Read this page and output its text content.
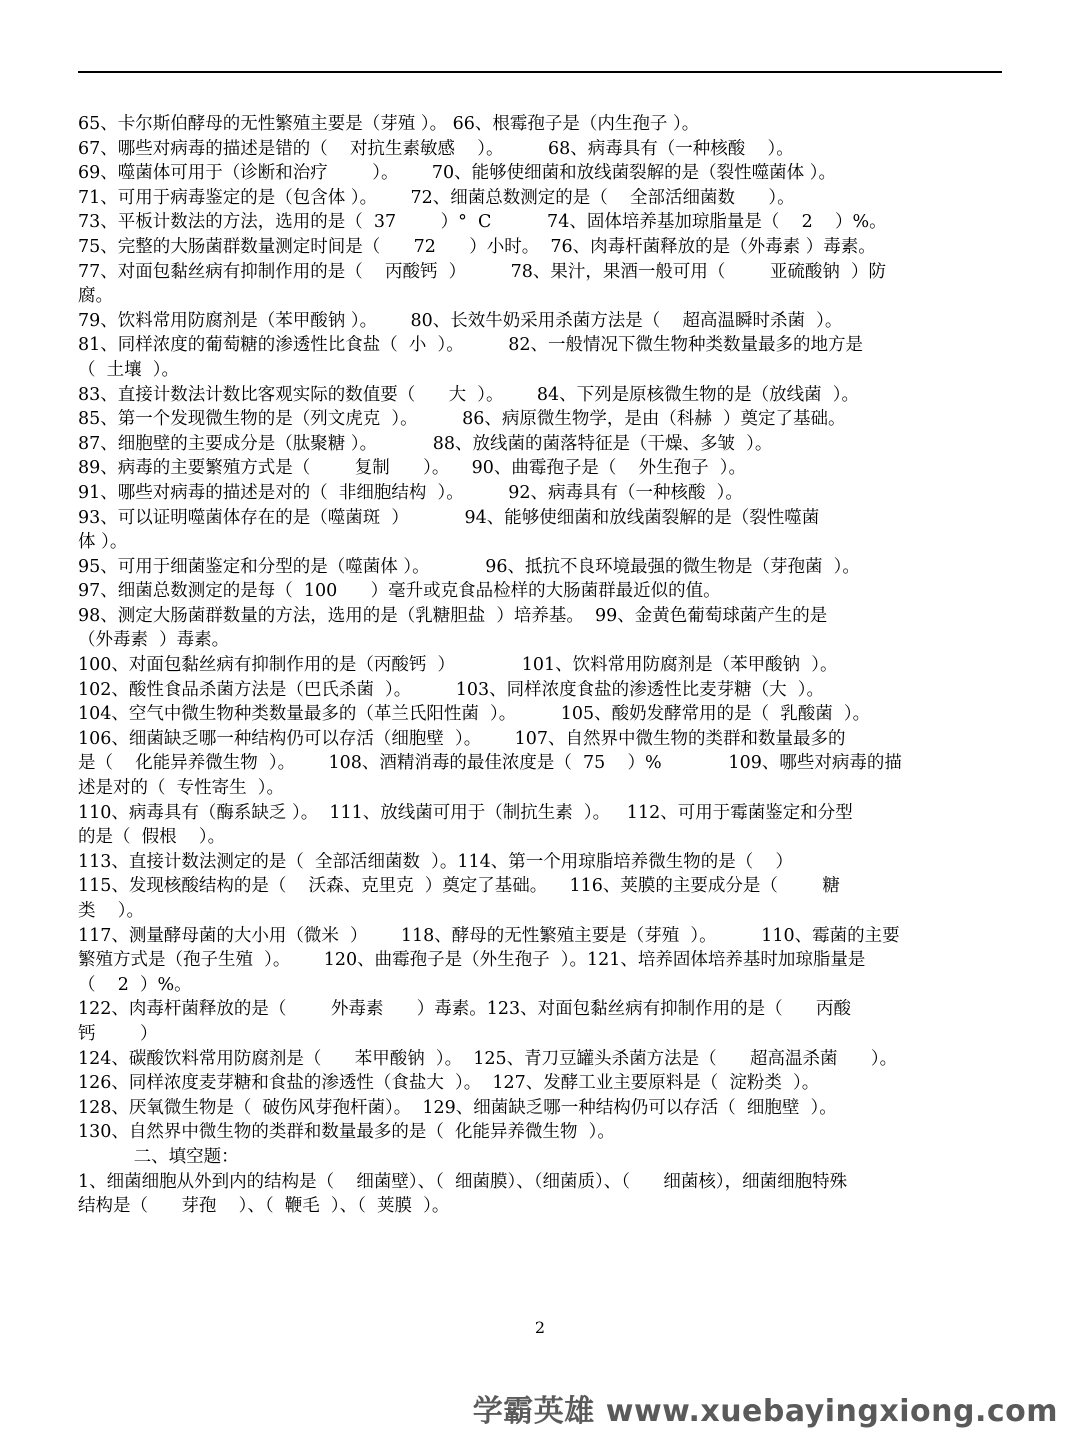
65、卡尔斯伯酵母的无性繁殖主要是（芽殖 ）。 66、根霉孢子是（内生孢子 ）。
67、哪些对病毒的描述是错的（    对抗生素敏感    ）。        68、病毒具有（一种核酸    ）。
69、噬菌体可用于（诊断和治疗        ）。      70、能够使细菌和放线菌裂解的是（裂性噬菌体 ）。
71、可用于病毒鉴定的是（包含体 ）。      72、细菌总数测定的是（    全部活细菌数      ）。
73、平板计数法的方法，选用的是（  37        ）°  C          74、固体培养基加琼脂量是（    2    ）%。
75、完整的大肠菌群数量测定时间是（      72      ）小时。  76、肉毒杆菌释放的是（外毒素 ）毒素。
77、对面包黏丝病有抑制作用的是（    丙酸钙  ）        78、果汁，果酒一般可用（        亚硫酸钠  ）防
腐。
79、饮料常用防腐剂是（苯甲酸钠 ）。      80、长效牛奶采用杀菌方法是（    超高温瞬时杀菌  ）。
81、同样浓度的葡萄糖的渗透性比食盐（  小  ）。        82、一般情况下微生物种类数量最多的地方是
（  土壤  ）。
83、直接计数法计数比客观实际的数值要（      大  ）。      84、下列是原核微生物的是（放线菌  ）。
85、第一个发现微生物的是（列文虎克  ）。        86、病原微生物学，是由（科赫  ）奠定了基础。
87、细胞壁的主要成分是（肽聚糖 ）。          88、放线菌的菌落特征是（干燥、多皱  ）。
89、病毒的主要繁殖方式是（        复制      ）。    90、曲霉孢子是（    外生孢子  ）。
91、哪些对病毒的描述是对的（  非细胞结构  ）。        92、病毒具有（一种核酸  ）。
93、可以证明噬菌体存在的是（噬菌斑  ）          94、能够使细菌和放线菌裂解的是（裂性噬菌
体 ）。
95、可用于细菌鉴定和分型的是（噬菌体 ）。          96、抵抗不良环境最强的微生物是（芽孢菌  ）。
97、细菌总数测定的是每（  100      ）毫升或克食品检样的大肠菌群最近似的值。
98、测定大肠菌群数量的方法，选用的是（乳糖胆盐  ）培养基。  99、金黄色葡萄球菌产生的是
（外毒素  ）毒素。
100、对面包黏丝病有抑制作用的是（丙酸钙  ）            101、饮料常用防腐剂是（苯甲酸钠  ）。
102、酸性食品杀菌方法是（巴氏杀菌  ）。        103、同样浓度食盐的渗透性比麦芽糖（大  ）。
104、空气中微生物种类数量最多的（革兰氏阳性菌  ）。        105、酸奶发酵常用的是（  乳酸菌  ）。
106、细菌缺乏哪一种结构仍可以存活（细胞壁  ）。      107、自然界中微生物的类群和数量最多的
是（    化能异养微生物  ）。      108、酒精消毒的最佳浓度是（  75    ）%            109、哪些对病毒的描
述是对的（  专性寄生  ）。
110、病毒具有（酶系缺乏 ）。  111、放线菌可用于（制抗生素  ）。   112、可用于霉菌鉴定和分型
的是（  假根    ）。
113、直接计数法测定的是（  全部活细菌数  ）。114、第一个用琼脂培养微生物的是（    ）
115、发现核酸结构的是（    沃森、克里克  ）奠定了基础。    116、荚膜的主要成分是（        糖
类    ）。
117、测量酵母菌的大小用（微米  ）      118、酵母的无性繁殖主要是（芽殖  ）。        110、霉菌的主要
繁殖方式是（孢子生殖  ）。      120、曲霉孢子是（外生孢子  ）。121、培养固体培养基时加琼脂量是
（    2  ）%。
122、肉毒杆菌释放的是（        外毒素      ）毒素。123、对面包黏丝病有抑制作用的是（      丙酸
钙        ）
124、碳酸饮料常用防腐剂是（      苯甲酸钠  ）。  125、青刀豆罐头杀菌方法是（      超高温杀菌      ）。
126、同样浓度麦芽糖和食盐的渗透性（食盐大  ）。  127、发酵工业主要原料是（  淀粉类  ）。
128、厌氧微生物是（  破伤风芽孢杆菌）。  129、细菌缺乏哪一种结构仍可以存活（  细胞壁  ）。
130、自然界中微生物的类群和数量最多的是（  化能异养微生物  ）。
二、填空题：
1、细菌细胞从外到内的结构是（    细菌壁）、（  细菌膜）、（细菌质）、（      细菌核），细菌细胞特殊
结构是（      芽孢    ）、（  鞭毛  ）、（  荚膜  ）。
2
学霸英雄 www.xuebayingxiong.com
